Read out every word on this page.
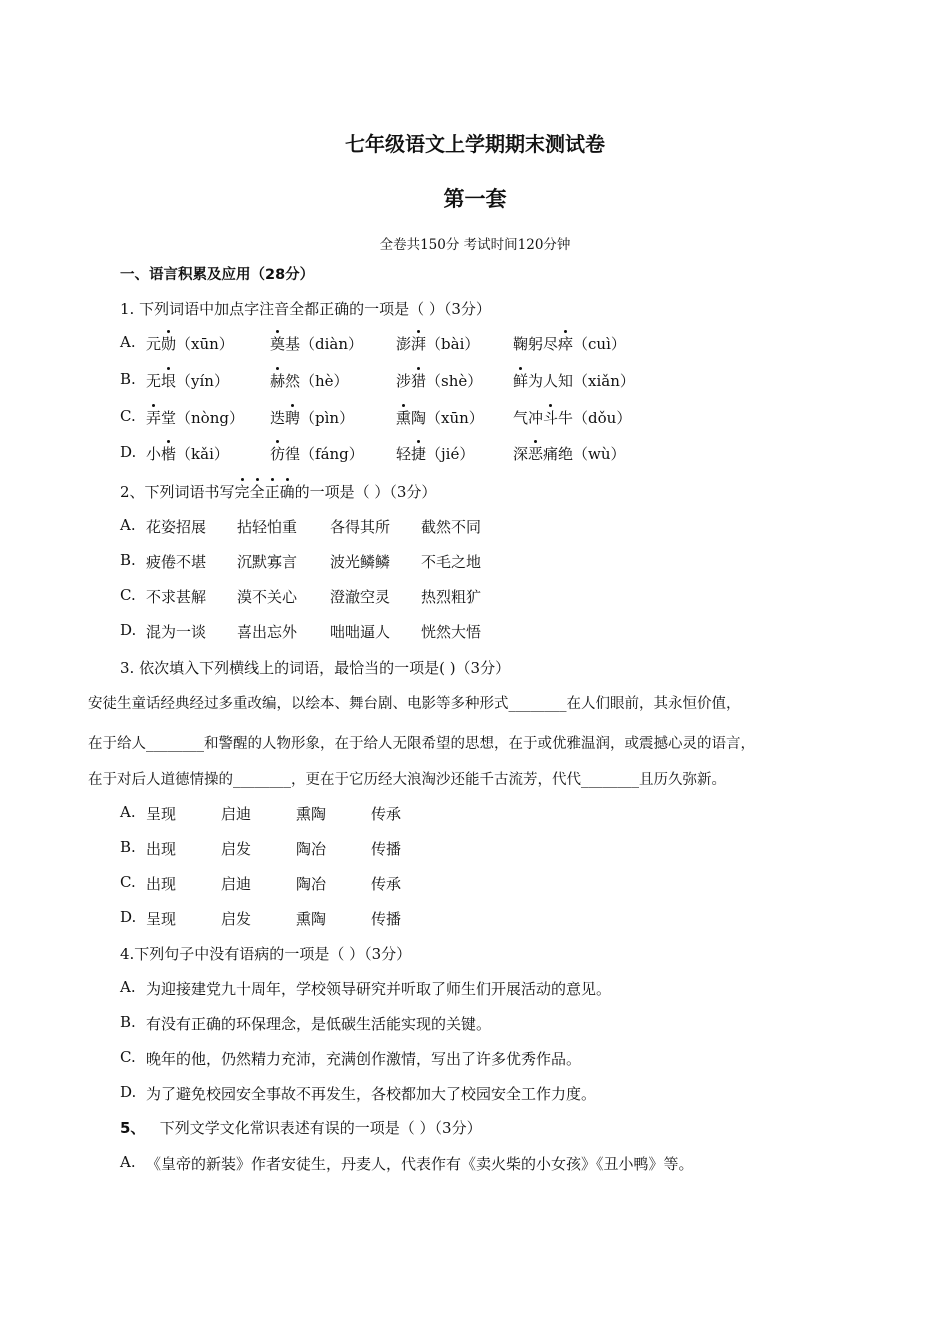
七年级语文上学期期末测试卷
第一套
全卷共150分 考试时间120分钟
一、语言积累及应用（28分）
1. 下列词语中加点字注音全都正确的一项是（ ）（3分）
A. 元勋（xūn） 奠基（diàn） 澎湃（bài） 鞠躬尽瘁（cuì）
B. 无垠（yín）	赫然（hè）	涉猎（shè） 鲜为人知（xiǎn）
C. 弄堂（nòng） 迭聘（pìn）	熏陶（xūn） 气冲斗牛（dǒu）
D. 小楷（kǎi）	彷徨（fáng） 轻捷（jié）	深恶痛绝（wù）
2、下列词语书写完全正确的一项是（ ）（3分）
A. 花姿招展 拈轻怕重 各得其所 截然不同
B. 疲倦不堪 沉默寡言 波光鳞鳞 不毛之地
C. 不求甚解 漠不关心 澄澈空灵 热烈粗犷
D. 混为一谈 喜出忘外 咄咄逼人 恍然大悟
3. 依次填入下列横线上的词语，最恰当的一项是( )（3分）
安徒生童话经典经过多重改编，以绘本、舞台剧、电影等多种形式________在人们眼前，其永恒价值，
在于给人________和警醒的人物形象，在于给人无限希望的思想，在于或优雅温润，或震撼心灵的语言，
在于对后人道德情操的________，更在于它历经大浪淘沙还能千古流芳，代代________且历久弥新。
A. 呈现	启迪	熏陶	传承
B. 出现	启发	陶冶	传播
C. 出现	启迪	陶冶	传承
D. 呈现	启发	熏陶	传播
4.下列句子中没有语病的一项是（ ）（3分）
A. 为迎接建党九十周年，学校领导研究并听取了师生们开展活动的意见。
B. 有没有正确的环保理念，是低碳生活能实现的关键。
C. 晚年的他，仍然精力充沛，充满创作激情，写出了许多优秀作品。
D. 为了避免校园安全事故不再发生，各校都加大了校园安全工作力度。
5、 下列文学文化常识表述有误的一项是（ ）（3分）
A. 《皇帝的新装》作者安徒生，丹麦人，代表作有《卖火柴的小女孩》《丑小鸭》等。
